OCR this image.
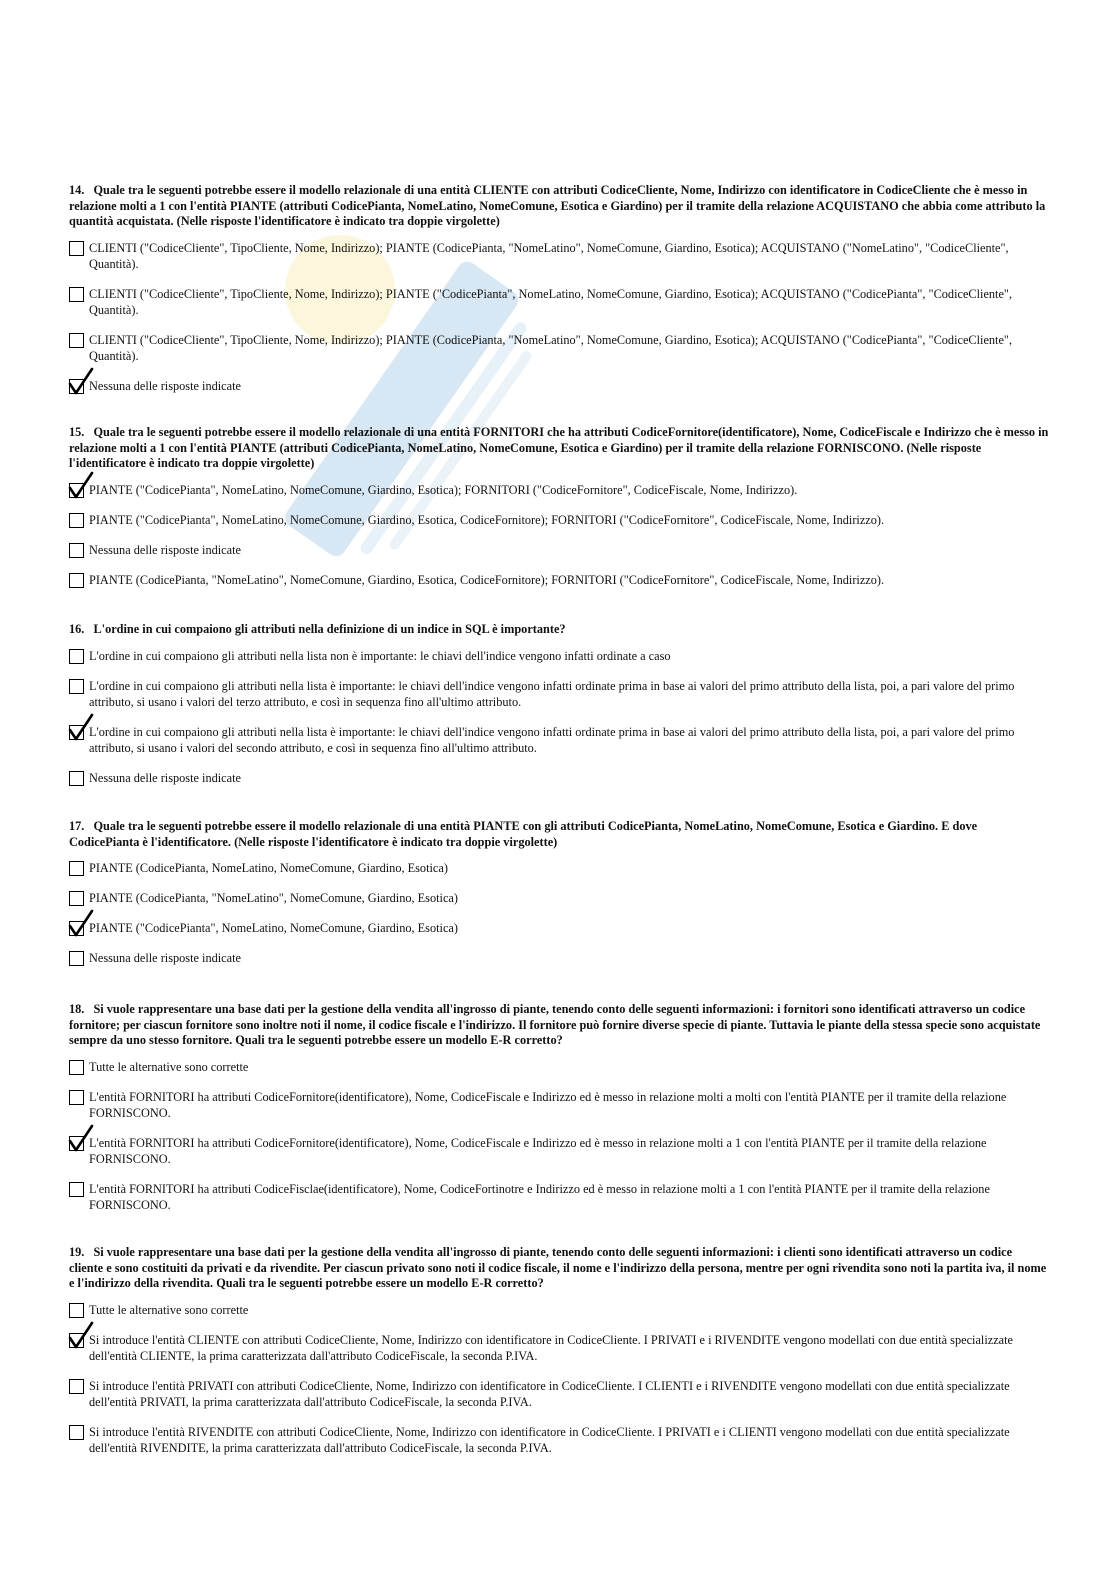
14. Quale tra le seguenti potrebbe essere il modello relazionale di una entità CLIENTE con attributi CodiceCliente, Nome, Indirizzo con identificatore in CodiceCliente che è messo in relazione molti a 1 con l'entità PIANTE (attributi CodicePianta, NomeLatino, NomeComune, Esotica e Giardino) per il tramite della relazione ACQUISTANO che abbia come attributo la quantità acquistata. (Nelle risposte l'identificatore è indicato tra doppie virgolette)

CLIENTI ("CodiceCliente", TipoCliente, Nome, Indirizzo); PIANTE (CodicePianta, "NomeLatino", NomeComune, Giardino, Esotica); ACQUISTANO ("NomeLatino", "CodiceCliente", Quantità).
CLIENTI ("CodiceCliente", TipoCliente, Nome, Indirizzo); PIANTE ("CodicePianta", NomeLatino, NomeComune, Giardino, Esotica); ACQUISTANO ("CodicePianta", "CodiceCliente", Quantità).
CLIENTI ("CodiceCliente", TipoCliente, Nome, Indirizzo); PIANTE (CodicePianta, "NomeLatino", NomeComune, Giardino, Esotica); ACQUISTANO ("CodicePianta", "CodiceCliente", Quantità).
Nessuna delle risposte indicate

15. Quale tra le seguenti potrebbe essere il modello relazionale di una entità FORNITORI che ha attributi CodiceFornitore(identificatore), Nome, CodiceFiscale e Indirizzo che è messo in relazione molti a 1 con l'entità PIANTE (attributi CodicePianta, NomeLatino, NomeComune, Esotica e Giardino) per il tramite della relazione FORNISCONO. (Nelle risposte l'identificatore è indicato tra doppie virgolette)

PIANTE ("CodicePianta", NomeLatino, NomeComune, Giardino, Esotica); FORNITORI ("CodiceFornitore", CodiceFiscale, Nome, Indirizzo).
PIANTE ("CodicePianta", NomeLatino, NomeComune, Giardino, Esotica, CodiceFornitore); FORNITORI ("CodiceFornitore", CodiceFiscale, Nome, Indirizzo).
Nessuna delle risposte indicate
PIANTE (CodicePianta, "NomeLatino", NomeComune, Giardino, Esotica, CodiceFornitore); FORNITORI ("CodiceFornitore", CodiceFiscale, Nome, Indirizzo).

16. L'ordine in cui compaiono gli attributi nella definizione di un indice in SQL è importante?

L'ordine in cui compaiono gli attributi nella lista non è importante: le chiavi dell'indice vengono infatti ordinate a caso
L'ordine in cui compaiono gli attributi nella lista è importante: le chiavi dell'indice vengono infatti ordinate prima in base ai valori del primo attributo della lista, poi, a pari valore del primo attributo, si usano i valori del terzo attributo, e così in sequenza fino all'ultimo attributo.
L'ordine in cui compaiono gli attributi nella lista è importante: le chiavi dell'indice vengono infatti ordinate prima in base ai valori del primo attributo della lista, poi, a pari valore del primo attributo, si usano i valori del secondo attributo, e così in sequenza fino all'ultimo attributo.
Nessuna delle risposte indicate

17. Quale tra le seguenti potrebbe essere il modello relazionale di una entità PIANTE con gli attributi CodicePianta, NomeLatino, NomeComune, Esotica e Giardino. E dove CodicePianta è l'identificatore. (Nelle risposte l'identificatore è indicato tra doppie virgolette)

PIANTE (CodicePianta, NomeLatino, NomeComune, Giardino, Esotica)
PIANTE (CodicePianta, "NomeLatino", NomeComune, Giardino, Esotica)
PIANTE ("CodicePianta", NomeLatino, NomeComune, Giardino, Esotica)
Nessuna delle risposte indicate

18. Si vuole rappresentare una base dati per la gestione della vendita all'ingrosso di piante, tenendo conto delle seguenti informazioni: i fornitori sono identificati attraverso un codice fornitore; per ciascun fornitore sono inoltre noti il nome, il codice fiscale e l'indirizzo. Il fornitore può fornire diverse specie di piante. Tuttavia le piante della stessa specie sono acquistate sempre da uno stesso fornitore. Quali tra le seguenti potrebbe essere un modello E-R corretto?

Tutte le alternative sono corrette
L'entità FORNITORI ha attributi CodiceFornitore(identificatore), Nome, CodiceFiscale e Indirizzo ed è messo in relazione molti a molti con l'entità PIANTE per il tramite della relazione FORNISCONO.
L'entità FORNITORI ha attributi CodiceFornitore(identificatore), Nome, CodiceFiscale e Indirizzo ed è messo in relazione molti a 1 con l'entità PIANTE per il tramite della relazione FORNISCONO.
L'entità FORNITORI ha attributi CodiceFisclae(identificatore), Nome, CodiceFortinotre e Indirizzo ed è messo in relazione molti a 1 con l'entità PIANTE per il tramite della relazione FORNISCONO.

19. Si vuole rappresentare una base dati per la gestione della vendita all'ingrosso di piante, tenendo conto delle seguenti informazioni: i clienti sono identificati attraverso un codice cliente e sono costituiti da privati e da rivendite. Per ciascun privato sono noti il codice fiscale, il nome e l'indirizzo della persona, mentre per ogni rivendita sono noti la partita iva, il nome e l'indirizzo della rivendita. Quali tra le seguenti potrebbe essere un modello E-R corretto?

Tutte le alternative sono corrette
Si introduce l'entità CLIENTE con attributi CodiceCliente, Nome, Indirizzo con identificatore in CodiceCliente. I PRIVATI e i RIVENDITE vengono modellati con due entità specializzate dell'entità CLIENTE, la prima caratterizzata dall'attributo CodiceFiscale, la seconda P.IVA.
Si introduce l'entità PRIVATI con attributi CodiceCliente, Nome, Indirizzo con identificatore in CodiceCliente. I CLIENTI e i RIVENDITE vengono modellati con due entità specializzate dell'entità PRIVATI, la prima caratterizzata dall'attributo CodiceFiscale, la seconda P.IVA.
Si introduce l'entità RIVENDITE con attributi CodiceCliente, Nome, Indirizzo con identificatore in CodiceCliente. I PRIVATI e i CLIENTI vengono modellati con due entità specializzate dell'entità RIVENDITE, la prima caratterizzata dall'attributo CodiceFiscale, la seconda P.IVA.
